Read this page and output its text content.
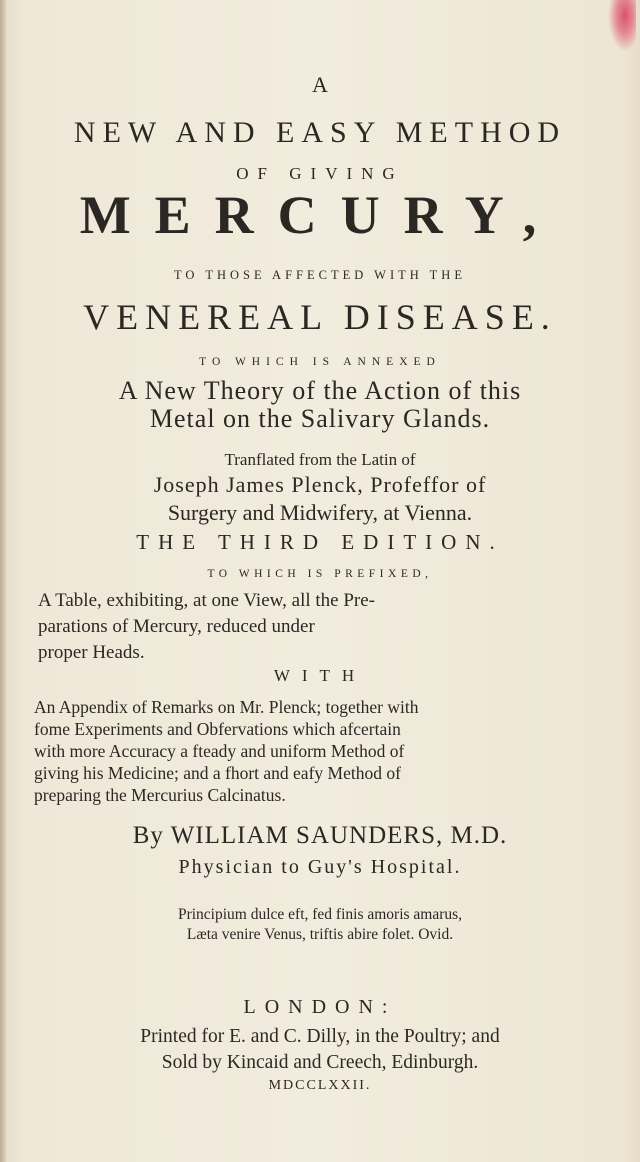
A
NEW AND EASY METHOD
OF GIVING
MERCURY,
TO THOSE AFFECTED WITH THE
VENEREAL DISEASE.
TO WHICH IS ANNEXED
A New Theory of the Action of this
Metal on the Salivary Glands.
Tranflated from the Latin of
Joseph James Plenck, Profeffor of
Surgery and Midwifery, at Vienna.
THE THIRD EDITION.
TO WHICH IS PREFIXED,
A Table, exhibiting, at one View, all the Pre-
parations of Mercury, reduced under
proper Heads.
WITH
An Appendix of Remarks on Mr. Plenck; together with
fome Experiments and Obfervations which afcertain
with more Accuracy a fteady and uniform Method of
giving his Medicine; and a fhort and eafy Method of
preparing the Mercurius Calcinatus.
By WILLIAM SAUNDERS, M.D.
Physician to Guy's Hospital.
Principium dulce eft, fed finis amoris amarus,
Læta venire Venus, triftis abire folet. Ovid.
LONDON:
Printed for E. and C. Dilly, in the Poultry; and
Sold by Kincaid and Creech, Edinburgh.
MDCCLXXII.
